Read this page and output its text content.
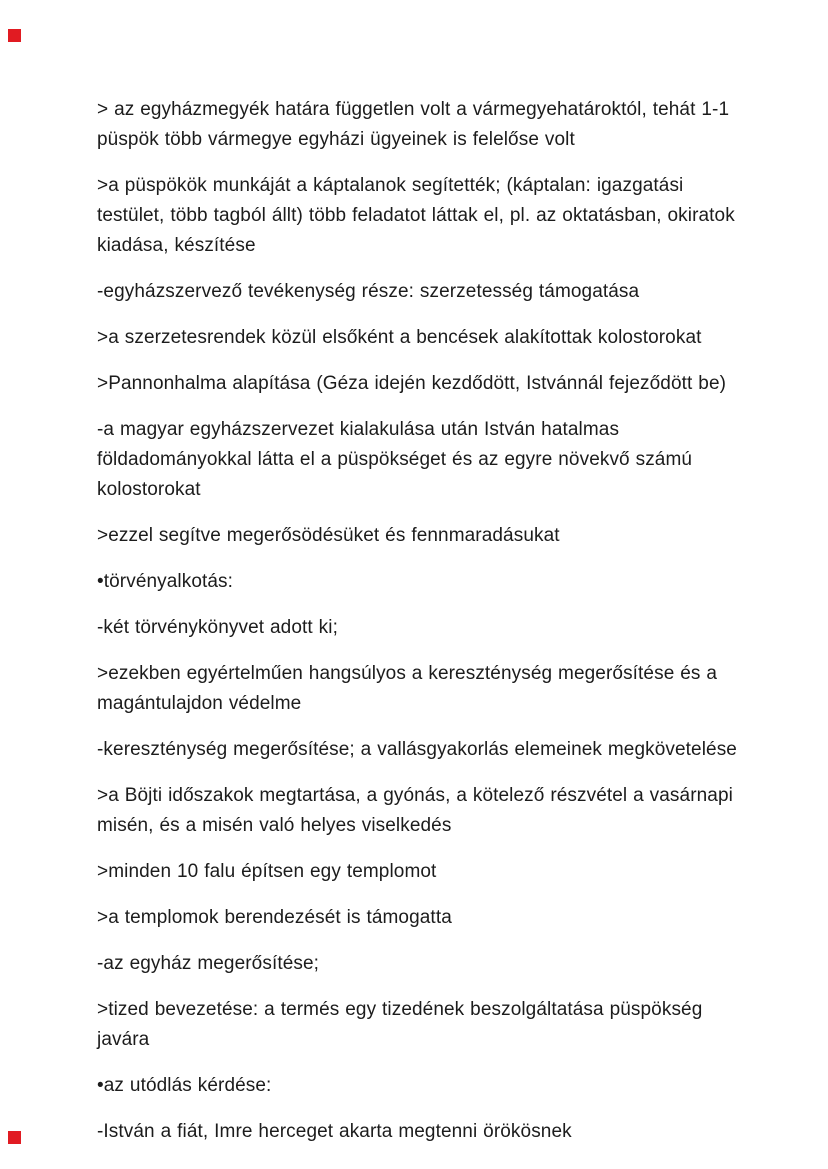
> az egyházmegyék határa független volt a vármegyehatároktól, tehát 1-1 püspök több vármegye egyházi ügyeinek is felelőse volt

>a püspökök munkáját a káptalanok segítették; (káptalan: igazgatási testület, több tagból állt) több feladatot láttak el, pl. az oktatásban, okiratok kiadása, készítése

-egyházszervező tevékenység része: szerzetesség támogatása

>a szerzetesrendek közül elsőként a bencések alakítottak kolostorokat

>Pannonhalma alapítása (Géza idején kezdődött, Istvánnál fejeződött be)

-a magyar egyházszervezet kialakulása után István hatalmas földadományokkal látta el a püspökséget és az egyre növekvő számú kolostorokat

>ezzel segítve megerősödésüket és fennmaradásukat

•törvényalkotás:

-két törvénykönyvet adott ki;

>ezekben egyértelműen hangsúlyos a kereszténység megerősítése és a magántulajdon védelme

-kereszténység megerősítése; a vallásgyakorlás elemeinek megkövetelése

>a Böjti időszakok megtartása, a gyónás, a kötelező részvétel a vasárnapi misén, és a misén való helyes viselkedés

>minden 10 falu építsen egy templomot

>a templomok berendezését is támogatta

-az egyház megerősítése;

>tized bevezetése: a termés egy tizedének beszolgáltatása püspökség javára

•az utódlás kérdése:

-István a fiát, Imre herceget akarta megtenni örökösnek
